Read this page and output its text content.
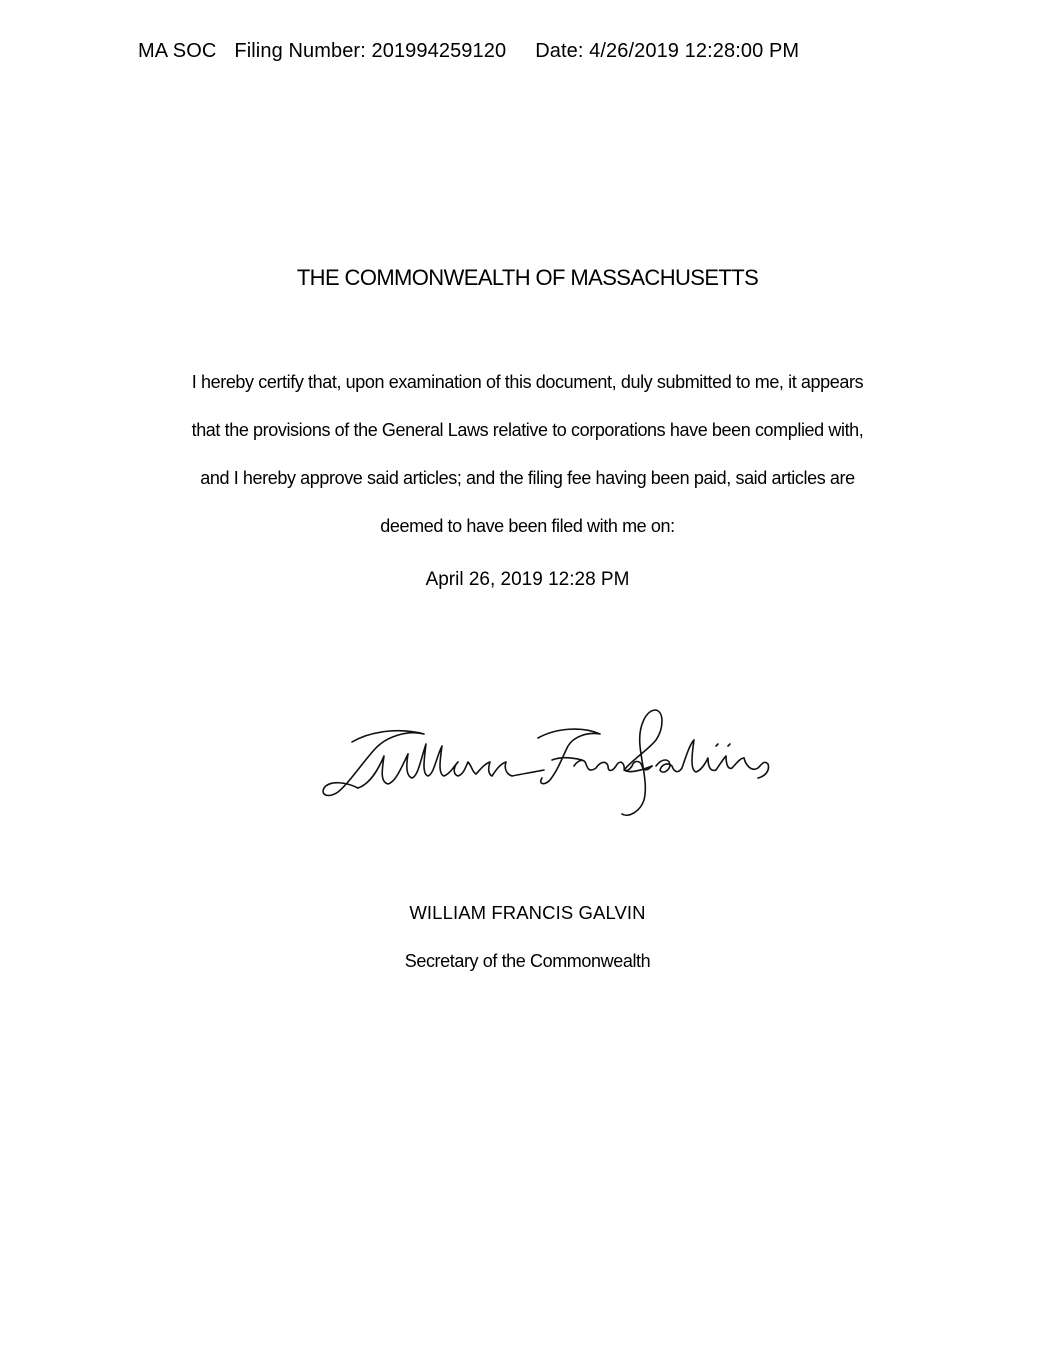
MA SOC Filing Number: 201994259120 Date: 4/26/2019 12:28:00 PM
THE COMMONWEALTH OF MASSACHUSETTS
I hereby certify that, upon examination of this document, duly submitted to me, it appears
that the provisions of the General Laws relative to corporations have been complied with,
and I hereby approve said articles; and the filing fee having been paid, said articles are
deemed to have been filed with me on:
April 26, 2019 12:28 PM
WILLIAM FRANCIS GALVIN
Secretary of the Commonwealth
